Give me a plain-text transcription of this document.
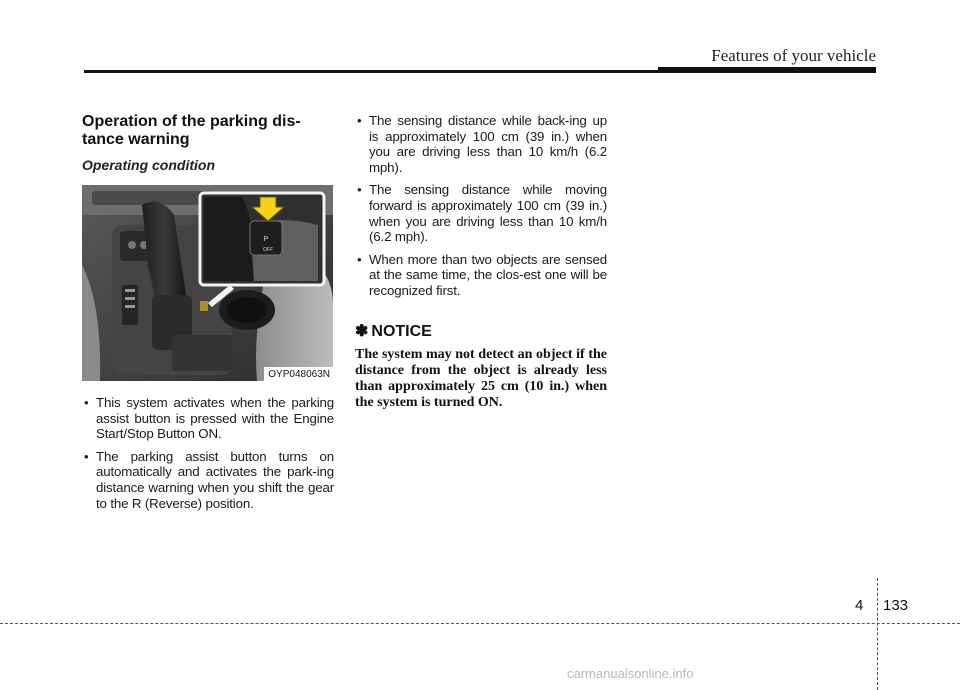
Features of your vehicle
Operation of the parking dis-
tance warning
Operating condition
P
OFF
OYP048063N
• This system activates when the parking assist button is pressed with the Engine Start/Stop Button ON.
• The parking assist button turns on automatically and activates the park-ing distance warning when you shift the gear to the R (Reverse) position.
• The sensing distance while back-ing up is approximately 100 cm (39 in.) when you are driving less than 10 km/h (6.2 mph).
• The sensing distance while moving forward is approximately 100 cm (39 in.) when you are driving less than 10 km/h (6.2 mph).
• When more than two objects are sensed at the same time, the clos-est one will be recognized first.
✽ NOTICE
The system may not detect an object if the distance from the object is already less than approximately 25 cm (10 in.) when the system is turned ON.
4 133
carmanualsonline.info
